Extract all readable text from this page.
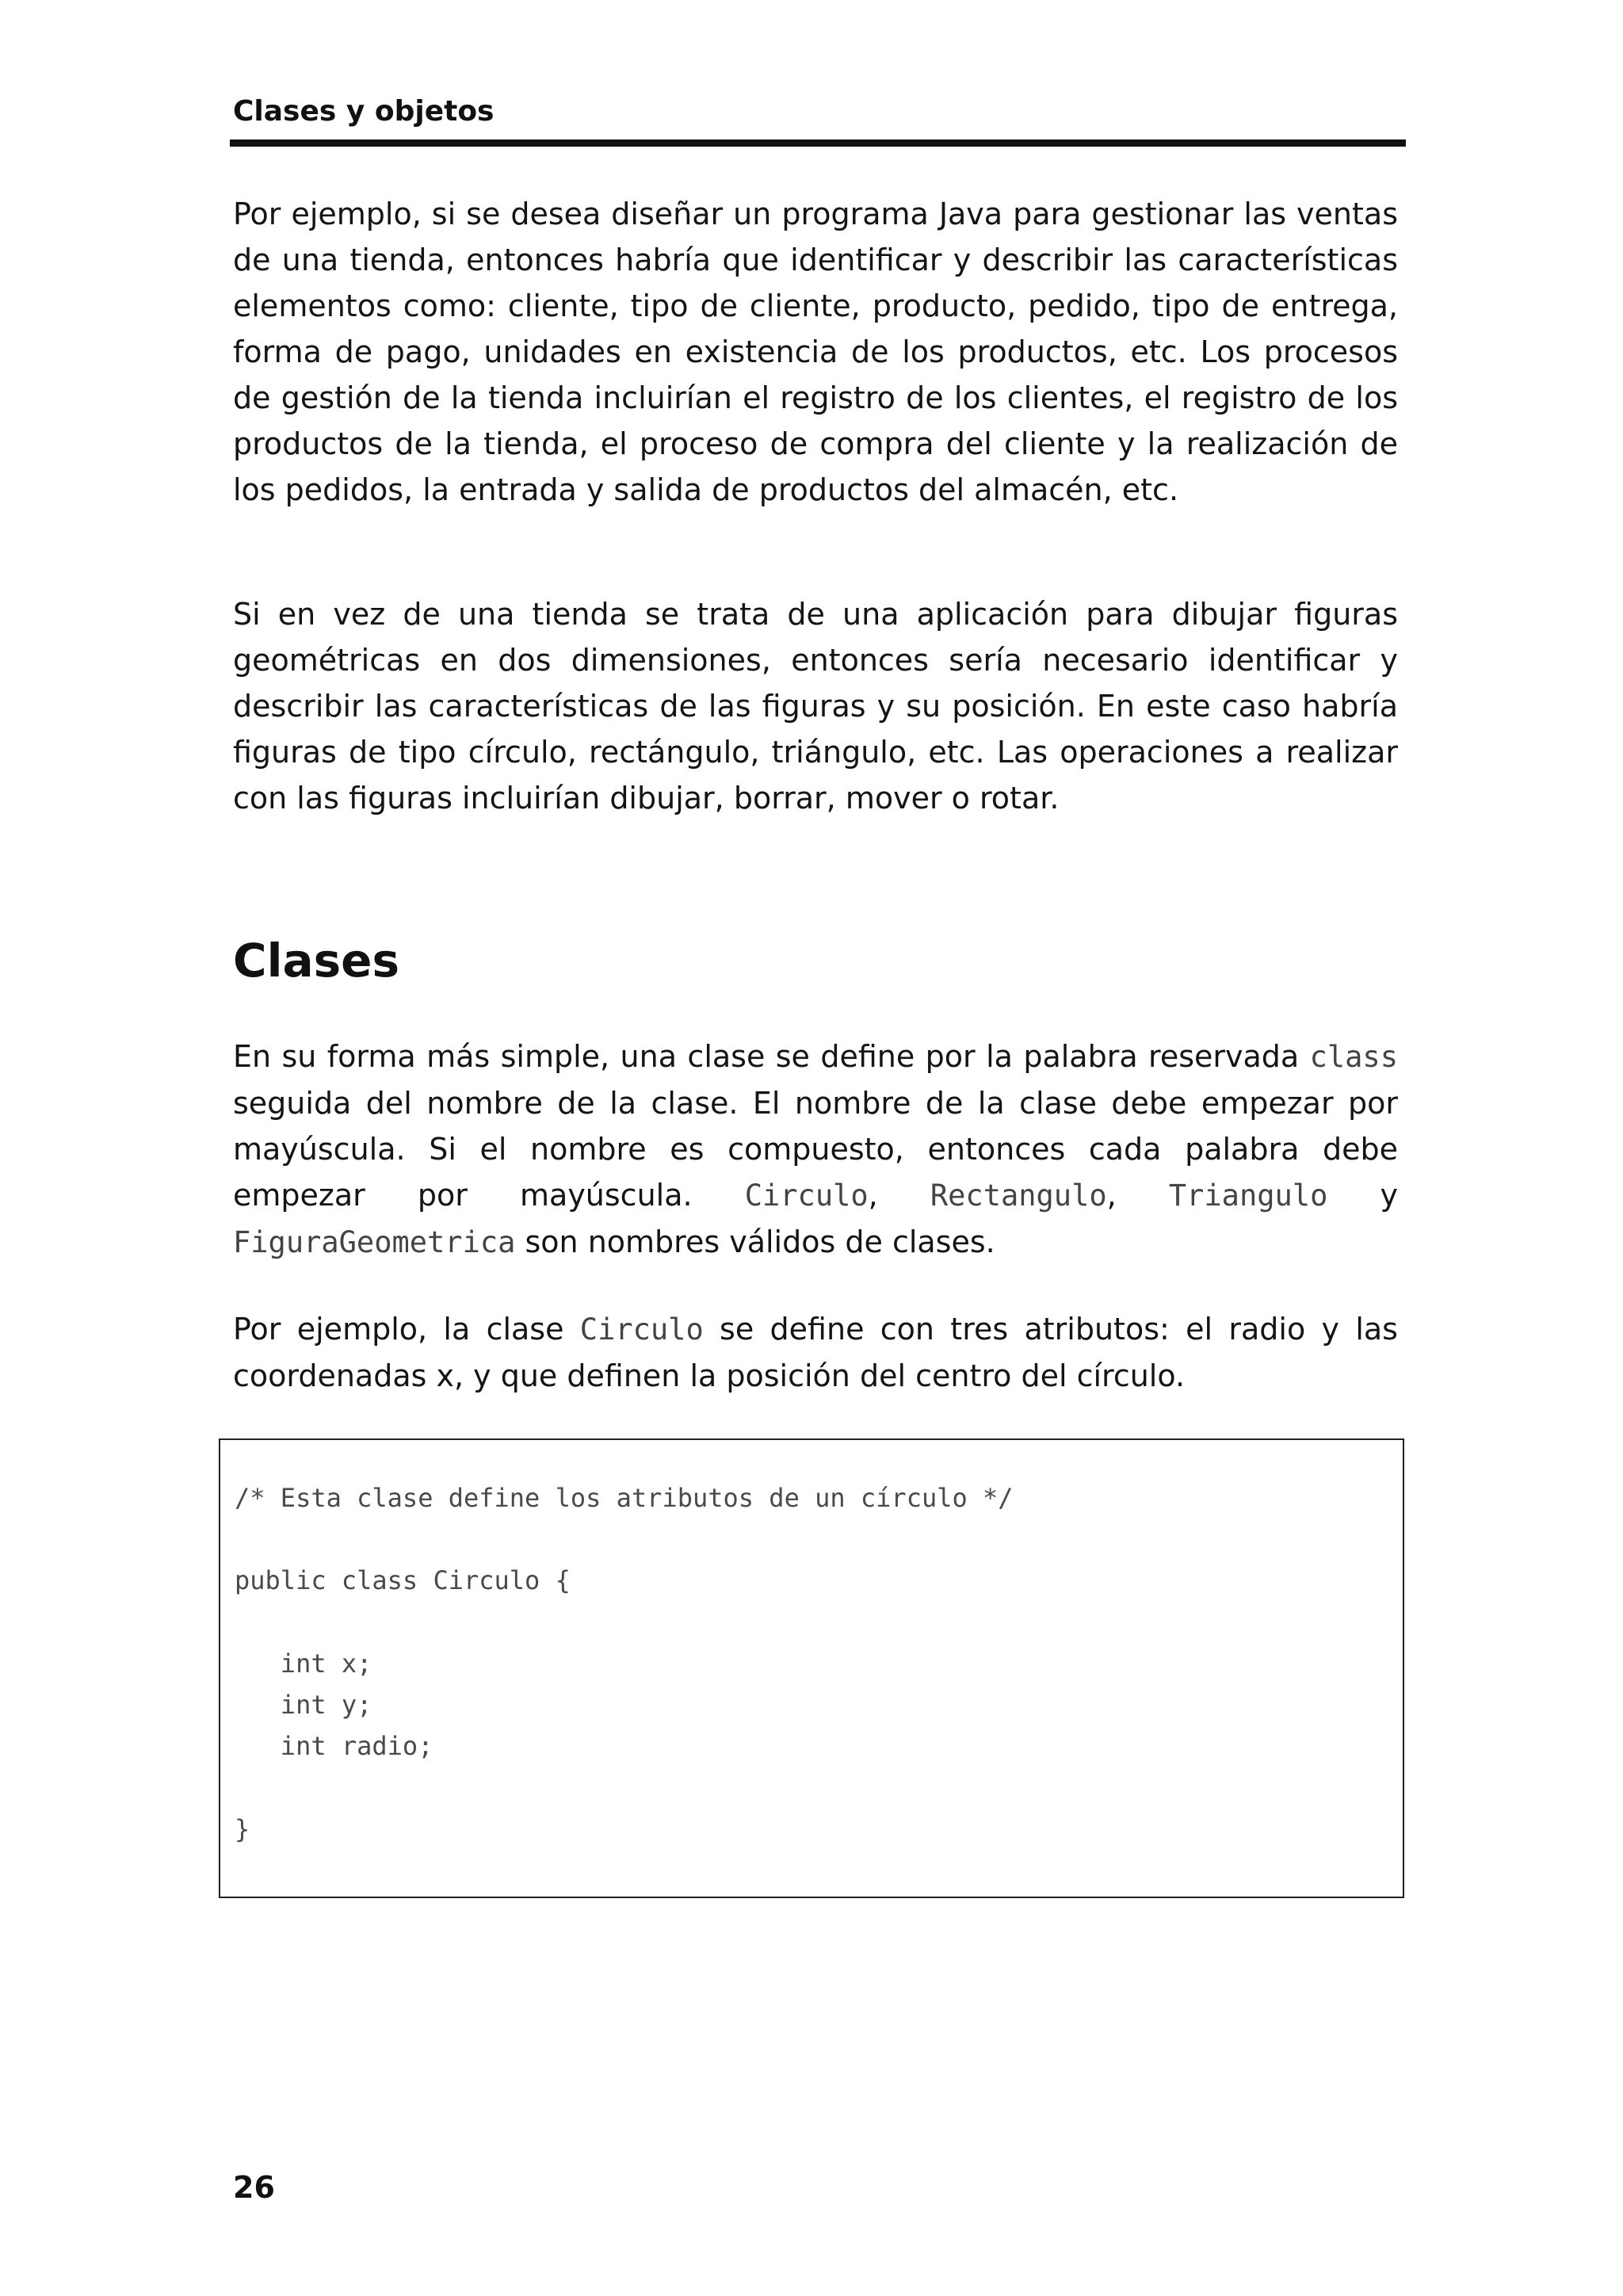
Clases y objetos

Por ejemplo, si se desea diseñar un programa Java para gestionar las ventas de una tienda, entonces habría que identificar y describir las características elementos como: cliente, tipo de cliente, producto, pedido, tipo de entrega, forma de pago, unidades en existencia de los productos, etc. Los procesos de gestión de la tienda incluirían el registro de los clientes, el registro de los productos de la tienda, el proceso de compra del cliente y la realización de los pedidos, la entrada y salida de productos del almacén, etc.

Si en vez de una tienda se trata de una aplicación para dibujar figuras geométricas en dos dimensiones, entonces sería necesario identificar y describir las características de las figuras y su posición. En este caso habría figuras de tipo círculo, rectángulo, triángulo, etc. Las operaciones a realizar con las figuras incluirían dibujar, borrar, mover o rotar.

Clases

En su forma más simple, una clase se define por la palabra reservada class seguida del nombre de la clase. El nombre de la clase debe empezar por mayúscula. Si el nombre es compuesto, entonces cada palabra debe empezar por mayúscula. Circulo, Rectangulo, Triangulo y FiguraGeometrica son nombres válidos de clases.

Por ejemplo, la clase Circulo se define con tres atributos: el radio y las coordenadas x, y que definen la posición del centro del círculo.

/* Esta clase define los atributos de un círculo */
public class Circulo {
int x;
int y;
int radio;
}
26
